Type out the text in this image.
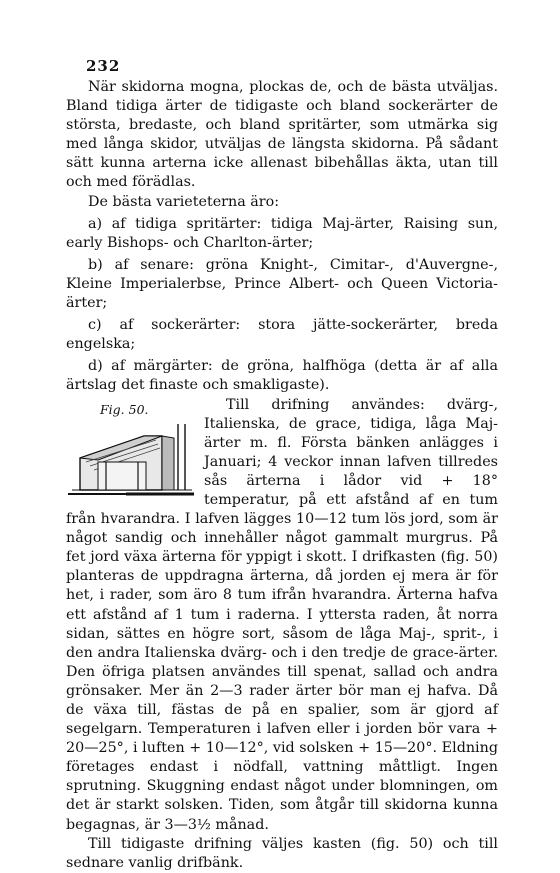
232

När skidorna mogna, plockas de, och de bästa utväljas. Bland tidiga ärter de tidigaste och bland sockerärter de största, bredaste, och bland spritärter, som utmärka sig med långa skidor, utväljas de längsta skidorna. På sådant sätt kunna arterna icke allenast bibehållas äkta, utan till och med förädlas.

De bästa varieteterna äro:

a) af tidiga spritärter: tidiga Maj-ärter, Raising sun, early Bishops- och Charlton-ärter;

b) af senare: gröna Knight-, Cimitar-, d'Auvergne-, Kleine Imperialerbse, Prince Albert- och Queen Victoria-ärter;

c) af sockerärter: stora jätte-sockerärter, breda engelska;

d) af märgärter: de gröna, halfhöga (detta är af alla ärtslag det finaste och smakligaste).

Fig. 50.	Till drifning användes: dvärg-, Italienska, de grace, tidiga, låga Maj-ärter m. fl. Första bänken anlägges i Januari; 4 veckor innan lafven tillredes sås ärterna i lådor vid + 18° temperatur, på ett afstånd af en tum från hvarandra. I lafven lägges 10—12 tum lös jord, som är något sandig och innehåller något gammalt murgrus. På fet jord växa ärterna för yppigt i skott. I drifkasten (fig. 50) planteras de uppdragna ärterna, då jorden ej mera är för het, i rader, som äro 8 tum ifrån hvarandra. Ärterna hafva ett afstånd af 1 tum i raderna. I yttersta raden, åt norra sidan, sättes en högre sort, såsom de låga Maj-, sprit-, i den andra Italienska dvärg- och i den tredje de grace-ärter. Den öfriga platsen användes till spenat, sallad och andra grönsaker. Mer än 2—3 rader ärter bör man ej hafva. Då de växa till, fästas de på en spalier, som är gjord af segelgarn. Temperaturen i lafven eller i jorden bör vara + 20—25°, i luften + 10—12°, vid solsken + 15—20°. Eldning företages endast i nödfall, vattning måttligt. Ingen sprutning. Skuggning endast något under blomningen, om det är starkt solsken. Tiden, som åtgår till skidorna kunna begagnas, är 3—3½ månad.

Till tidigaste drifning väljes kasten (fig. 50) och till sednare vanlig drifbänk.
